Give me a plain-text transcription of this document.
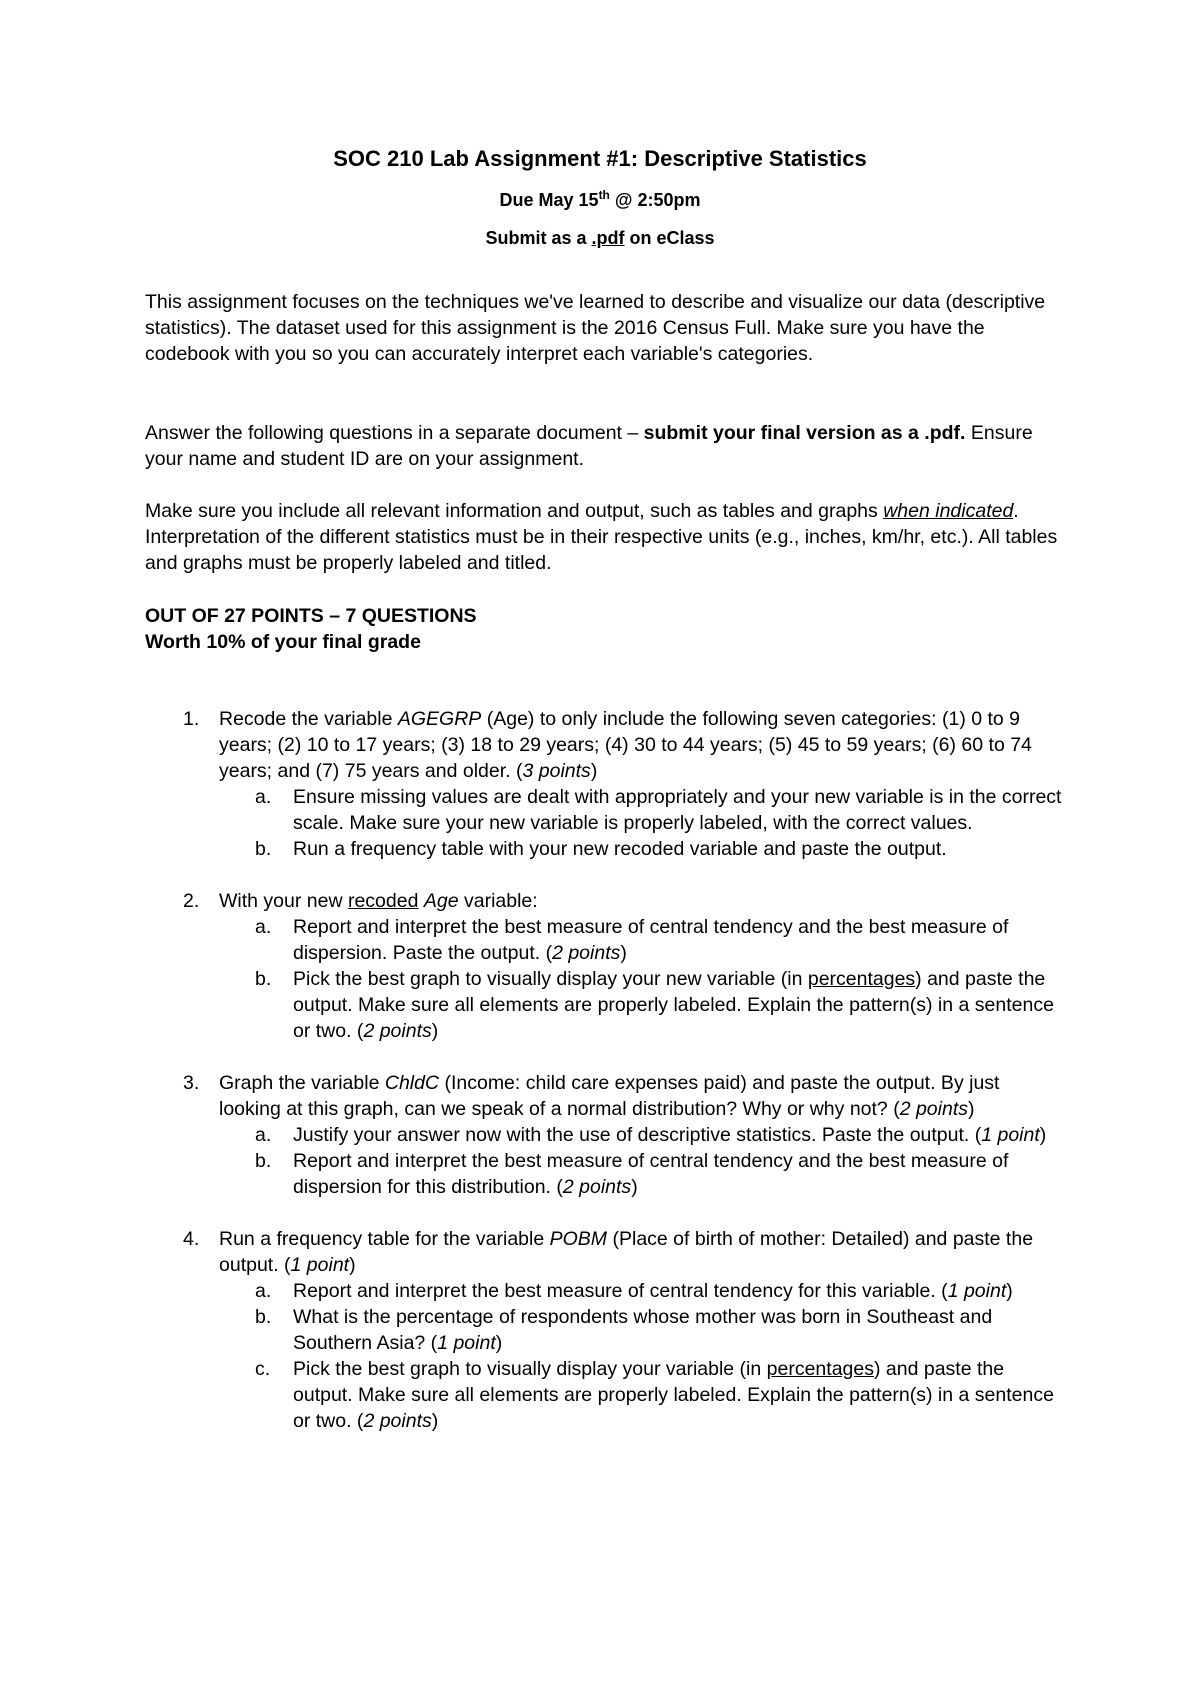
SOC 210 Lab Assignment #1: Descriptive Statistics
Due May 15th @ 2:50pm
Submit as a .pdf on eClass
This assignment focuses on the techniques we've learned to describe and visualize our data (descriptive statistics). The dataset used for this assignment is the 2016 Census Full. Make sure you have the codebook with you so you can accurately interpret each variable's categories.
Answer the following questions in a separate document – submit your final version as a .pdf. Ensure your name and student ID are on your assignment.
Make sure you include all relevant information and output, such as tables and graphs when indicated. Interpretation of the different statistics must be in their respective units (e.g., inches, km/hr, etc.). All tables and graphs must be properly labeled and titled.
OUT OF 27 POINTS – 7 QUESTIONS
Worth 10% of your final grade
1. Recode the variable AGEGRP (Age) to only include the following seven categories: (1) 0 to 9 years; (2) 10 to 17 years; (3) 18 to 29 years; (4) 30 to 44 years; (5) 45 to 59 years; (6) 60 to 74 years; and (7) 75 years and older. (3 points)
a. Ensure missing values are dealt with appropriately and your new variable is in the correct scale. Make sure your new variable is properly labeled, with the correct values.
b. Run a frequency table with your new recoded variable and paste the output.
2. With your new recoded Age variable:
a. Report and interpret the best measure of central tendency and the best measure of dispersion. Paste the output. (2 points)
b. Pick the best graph to visually display your new variable (in percentages) and paste the output. Make sure all elements are properly labeled. Explain the pattern(s) in a sentence or two. (2 points)
3. Graph the variable ChldC (Income: child care expenses paid) and paste the output. By just looking at this graph, can we speak of a normal distribution? Why or why not? (2 points)
a. Justify your answer now with the use of descriptive statistics. Paste the output. (1 point)
b. Report and interpret the best measure of central tendency and the best measure of dispersion for this distribution. (2 points)
4. Run a frequency table for the variable POBM (Place of birth of mother: Detailed) and paste the output. (1 point)
a. Report and interpret the best measure of central tendency for this variable. (1 point)
b. What is the percentage of respondents whose mother was born in Southeast and Southern Asia? (1 point)
c. Pick the best graph to visually display your variable (in percentages) and paste the output. Make sure all elements are properly labeled. Explain the pattern(s) in a sentence or two. (2 points)
